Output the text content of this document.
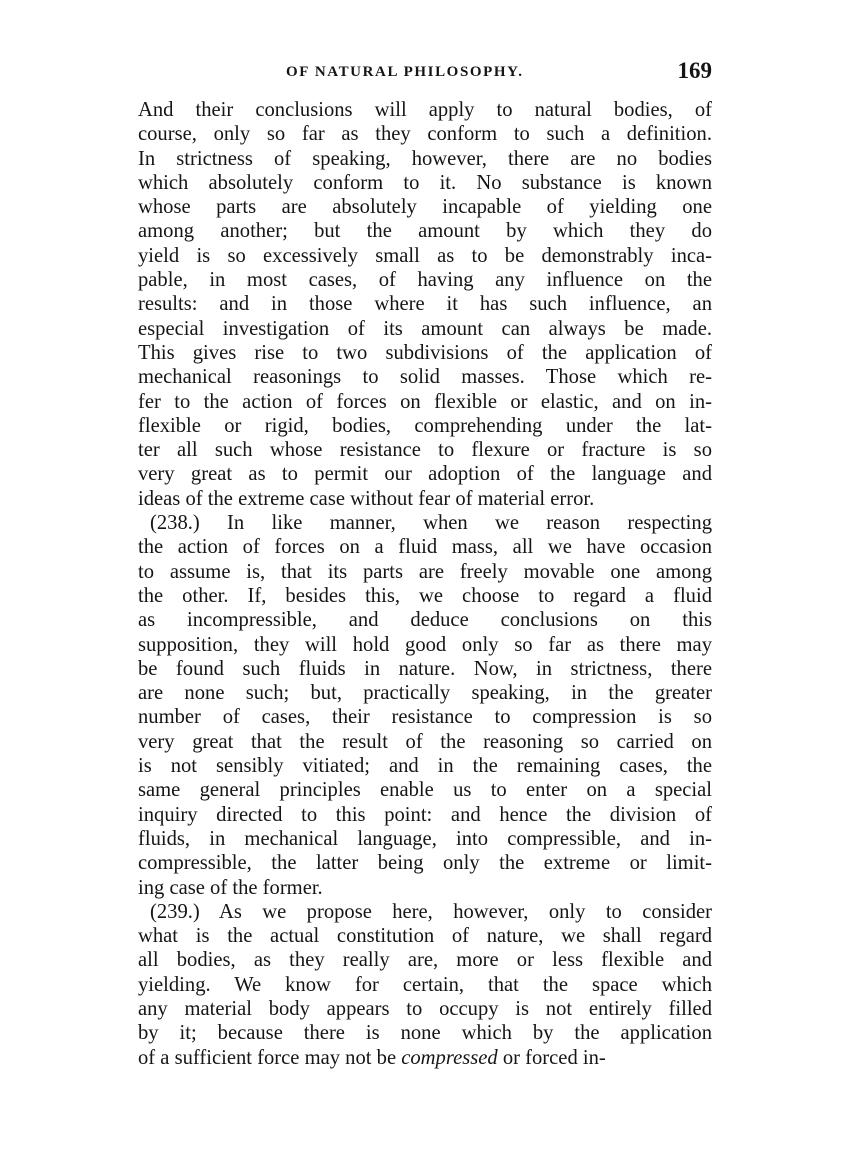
OF NATURAL PHILOSOPHY.	169
And their conclusions will apply to natural bodies, of
course, only so far as they conform to such a definition.
In strictness of speaking, however, there are no bodies
which absolutely conform to it. No substance is known
whose parts are absolutely incapable of yielding one
among another; but the amount by which they do
yield is so excessively small as to be demonstrably inca-
pable, in most cases, of having any influence on the
results: and in those where it has such influence, an
especial investigation of its amount can always be made.
This gives rise to two subdivisions of the application of
mechanical reasonings to solid masses. Those which re-
fer to the action of forces on flexible or elastic, and on in-
flexible or rigid, bodies, comprehending under the lat-
ter all such whose resistance to flexure or fracture is so
very great as to permit our adoption of the language and
ideas of the extreme case without fear of material error.
(238.) In like manner, when we reason respecting
the action of forces on a fluid mass, all we have occasion
to assume is, that its parts are freely movable one among
the other. If, besides this, we choose to regard a fluid
as incompressible, and deduce conclusions on this
supposition, they will hold good only so far as there may
be found such fluids in nature. Now, in strictness, there
are none such; but, practically speaking, in the greater
number of cases, their resistance to compression is so
very great that the result of the reasoning so carried on
is not sensibly vitiated; and in the remaining cases, the
same general principles enable us to enter on a special
inquiry directed to this point: and hence the division of
fluids, in mechanical language, into compressible, and in-
compressible, the latter being only the extreme or limit-
ing case of the former.
(239.) As we propose here, however, only to consider
what is the actual constitution of nature, we shall regard
all bodies, as they really are, more or less flexible and
yielding. We know for certain, that the space which
any material body appears to occupy is not entirely filled
by it; because there is none which by the application
of a sufficient force may not be compressed or forced in-
